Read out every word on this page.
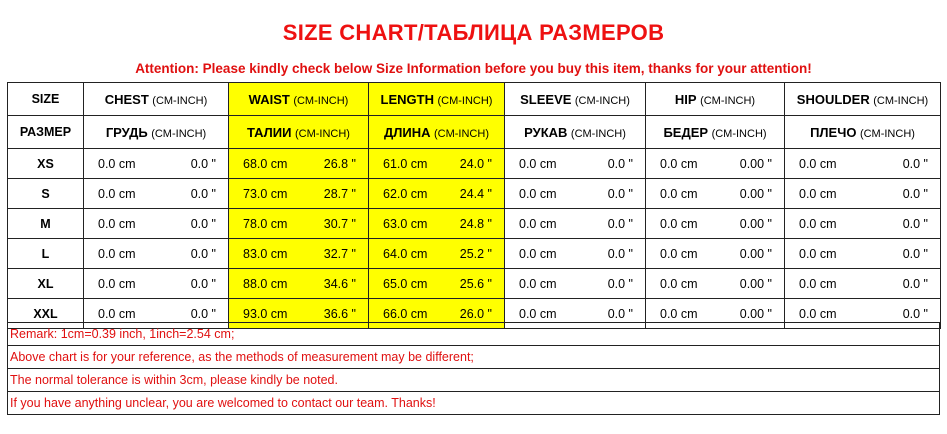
SIZE CHART/ТАБЛИЦА РАЗМЕРОВ
Attention: Please kindly check below Size Information before you buy this item, thanks for your attention!
SIZE	CHEST (CM-INCH)	WAIST (CM-INCH)	LENGTH (CM-INCH)	SLEEVE (CM-INCH)	HIP (CM-INCH)	SHOULDER (CM-INCH)
РАЗМЕР	ГРУДЬ (CM-INCH)	ТАЛИИ (CM-INCH)	ДЛИНА (CM-INCH)	РУКАВ (CM-INCH)	БЕДЕР (CM-INCH)	ПЛЕЧО (CM-INCH)
XS	0.0 cm 0.0 "	68.0 cm 26.8 "	61.0 cm 24.0 "	0.0 cm 0.0 "	0.0 cm 0.00 "	0.0 cm 0.0 "

S	0.0 cm 0.0 "	73.0 cm 28.7 "	62.0 cm 24.4 "	0.0 cm 0.0 "	0.0 cm 0.00 "	0.0 cm 0.0 "

M	0.0 cm 0.0 "	78.0 cm 30.7 "	63.0 cm 24.8 "	0.0 cm 0.0 "	0.0 cm 0.00 "	0.0 cm 0.0 "

L	0.0 cm 0.0 "	83.0 cm 32.7 "	64.0 cm 25.2 "	0.0 cm 0.0 "	0.0 cm 0.00 "	0.0 cm 0.0 "

XL	0.0 cm 0.0 "	88.0 cm 34.6 "	65.0 cm 25.6 "	0.0 cm 0.0 "	0.0 cm 0.00 "	0.0 cm 0.0 "

XXL	0.0 cm 0.0 "	93.0 cm 36.6 "	66.0 cm 26.0 "	0.0 cm 0.0 "	0.0 cm 0.00 "	0.0 cm 0.0 "
Remark: 1cm=0.39 inch, 1inch=2.54 cm;
Above chart is for your reference, as the methods of measurement may be different;
The normal tolerance is within 3cm, please kindly be noted.
If you have anything unclear, you are welcomed to contact our team. Thanks!
